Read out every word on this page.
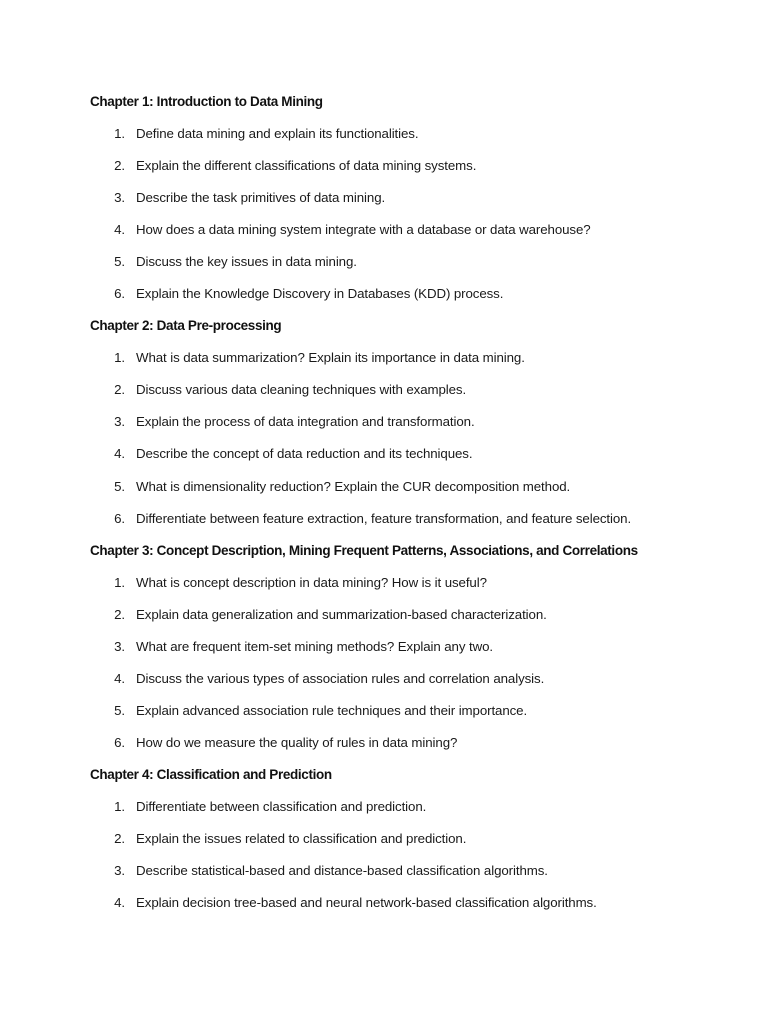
Chapter 1: Introduction to Data Mining
1. Define data mining and explain its functionalities.
2. Explain the different classifications of data mining systems.
3. Describe the task primitives of data mining.
4. How does a data mining system integrate with a database or data warehouse?
5. Discuss the key issues in data mining.
6. Explain the Knowledge Discovery in Databases (KDD) process.
Chapter 2: Data Pre-processing
1. What is data summarization? Explain its importance in data mining.
2. Discuss various data cleaning techniques with examples.
3. Explain the process of data integration and transformation.
4. Describe the concept of data reduction and its techniques.
5. What is dimensionality reduction? Explain the CUR decomposition method.
6. Differentiate between feature extraction, feature transformation, and feature selection.
Chapter 3: Concept Description, Mining Frequent Patterns, Associations, and Correlations
1. What is concept description in data mining? How is it useful?
2. Explain data generalization and summarization-based characterization.
3. What are frequent item-set mining methods? Explain any two.
4. Discuss the various types of association rules and correlation analysis.
5. Explain advanced association rule techniques and their importance.
6. How do we measure the quality of rules in data mining?
Chapter 4: Classification and Prediction
1. Differentiate between classification and prediction.
2. Explain the issues related to classification and prediction.
3. Describe statistical-based and distance-based classification algorithms.
4. Explain decision tree-based and neural network-based classification algorithms.
